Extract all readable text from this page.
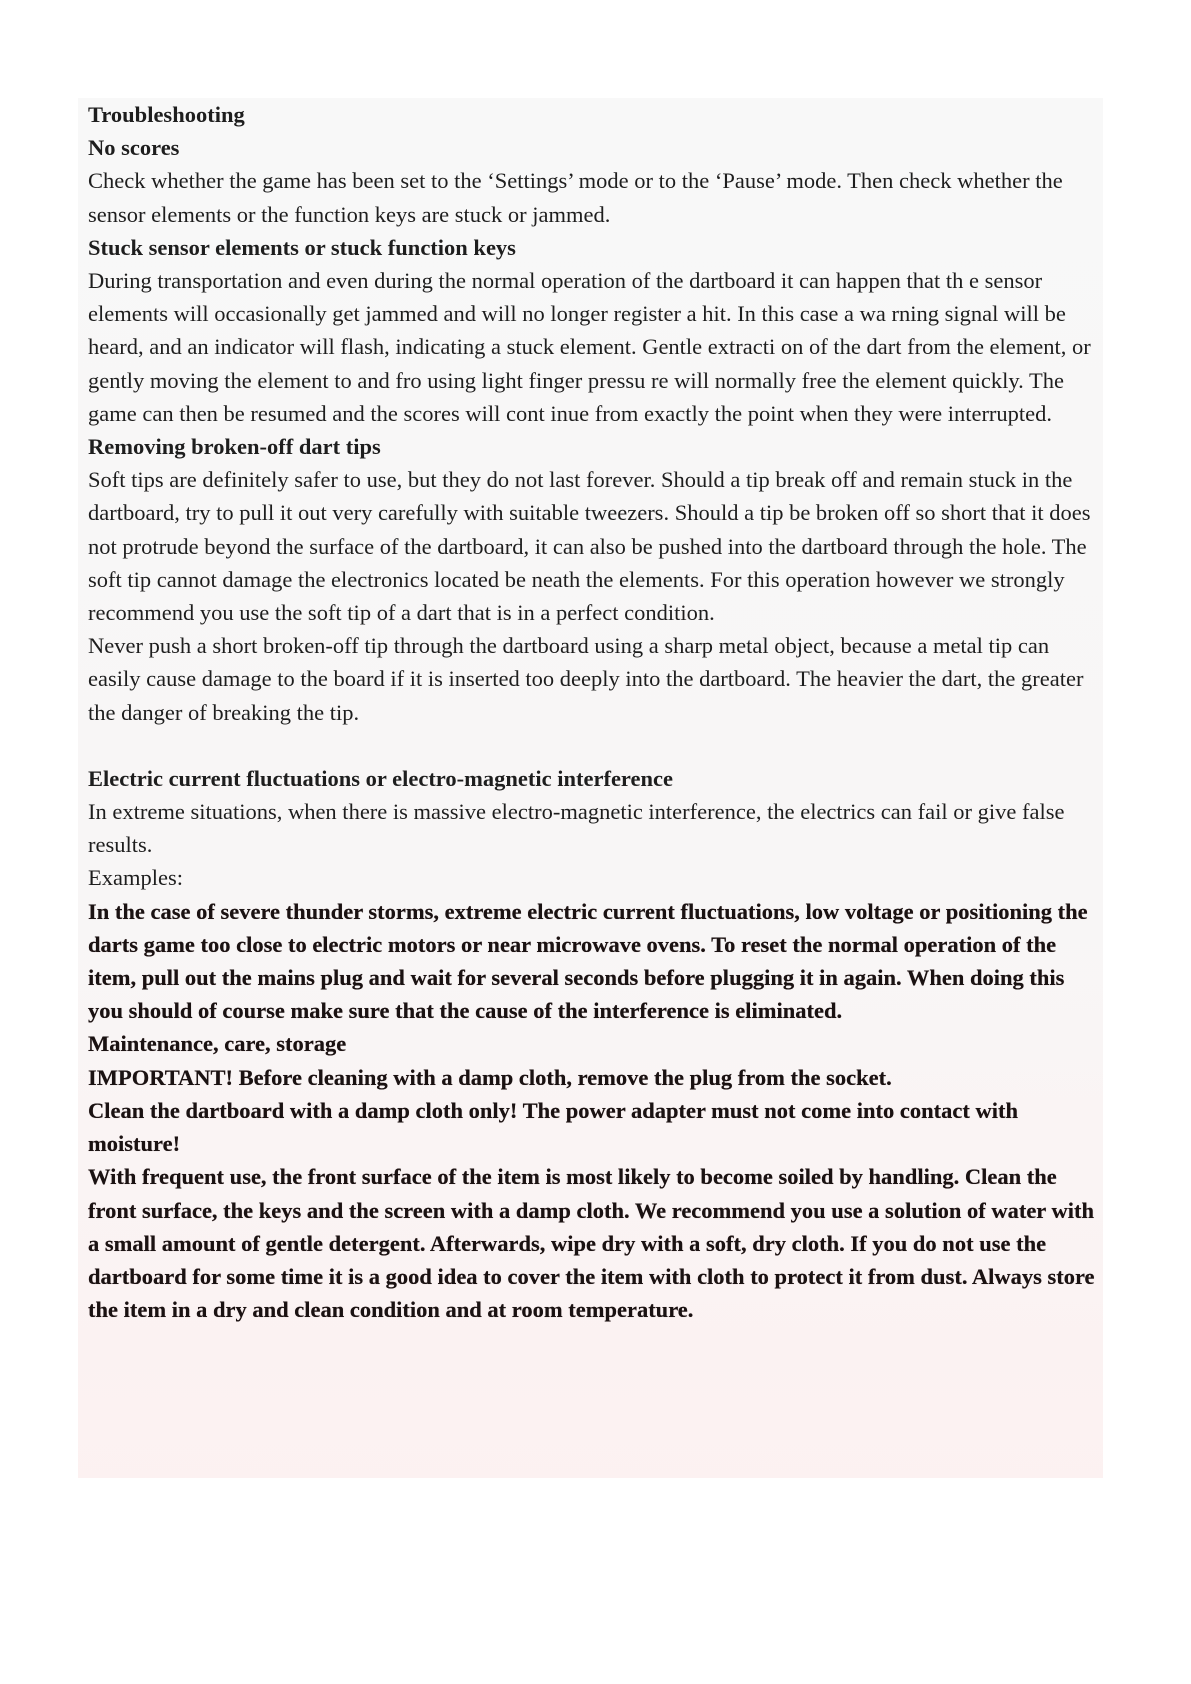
Troubleshooting

No scores

Check whether the game has been set to the ‘Settings’ mode or to the ‘Pause’ mode. Then check whether the sensor elements or the function keys are stuck or jammed.

Stuck sensor elements or stuck function keys

During transportation and even during the normal operation of the dartboard it can happen that th e sensor elements will occasionally get jammed and will no longer register a hit. In this case a wa rning signal will be heard, and an indicator will flash, indicating a stuck element. Gentle extracti on of the dart from the element, or gently moving the element to and fro using light finger pressu re will normally free the element quickly. The game can then be resumed and the scores will cont inue from exactly the point when they were interrupted.

Removing broken-off dart tips

Soft tips are definitely safer to use, but they do not last forever. Should a tip break off and remain stuck in the dartboard, try to pull it out very carefully with suitable tweezers. Should a tip be broken off so short that it does not protrude beyond the surface of the dartboard, it can also be pushed into the dartboard through the hole. The soft tip cannot damage the electronics located be neath the elements. For this operation however we strongly recommend you use the soft tip of a dart that is in a perfect condition.

Never push a short broken-off tip through the dartboard using a sharp metal object, because a metal tip can easily cause damage to the board if it is inserted too deeply into the dartboard. The heavier the dart, the greater the danger of breaking the tip.

Electric current fluctuations or electro-magnetic interference

In extreme situations, when there is massive electro-magnetic interference, the electrics can fail or give false results.

Examples:

In the case of severe thunder storms, extreme electric current fluctuations, low voltage or positioning the darts game too close to electric motors or near microwave ovens. To reset the normal operation of the item, pull out the mains plug and wait for several seconds before plugging it in again. When doing this you should of course make sure that the cause of the interference is eliminated.

Maintenance, care, storage

IMPORTANT! Before cleaning with a damp cloth, remove the plug from the socket.

Clean the dartboard with a damp cloth only! The power adapter must not come into contact with moisture!

With frequent use, the front surface of the item is most likely to become soiled by handling. Clean the front surface, the keys and the screen with a damp cloth. We recommend you use a solution of water with a small amount of gentle detergent. Afterwards, wipe dry with a soft, dry cloth. If you do not use the dartboard for some time it is a good idea to cover the item with cloth to protect it from dust. Always store the item in a dry and clean condition and at room temperature.
